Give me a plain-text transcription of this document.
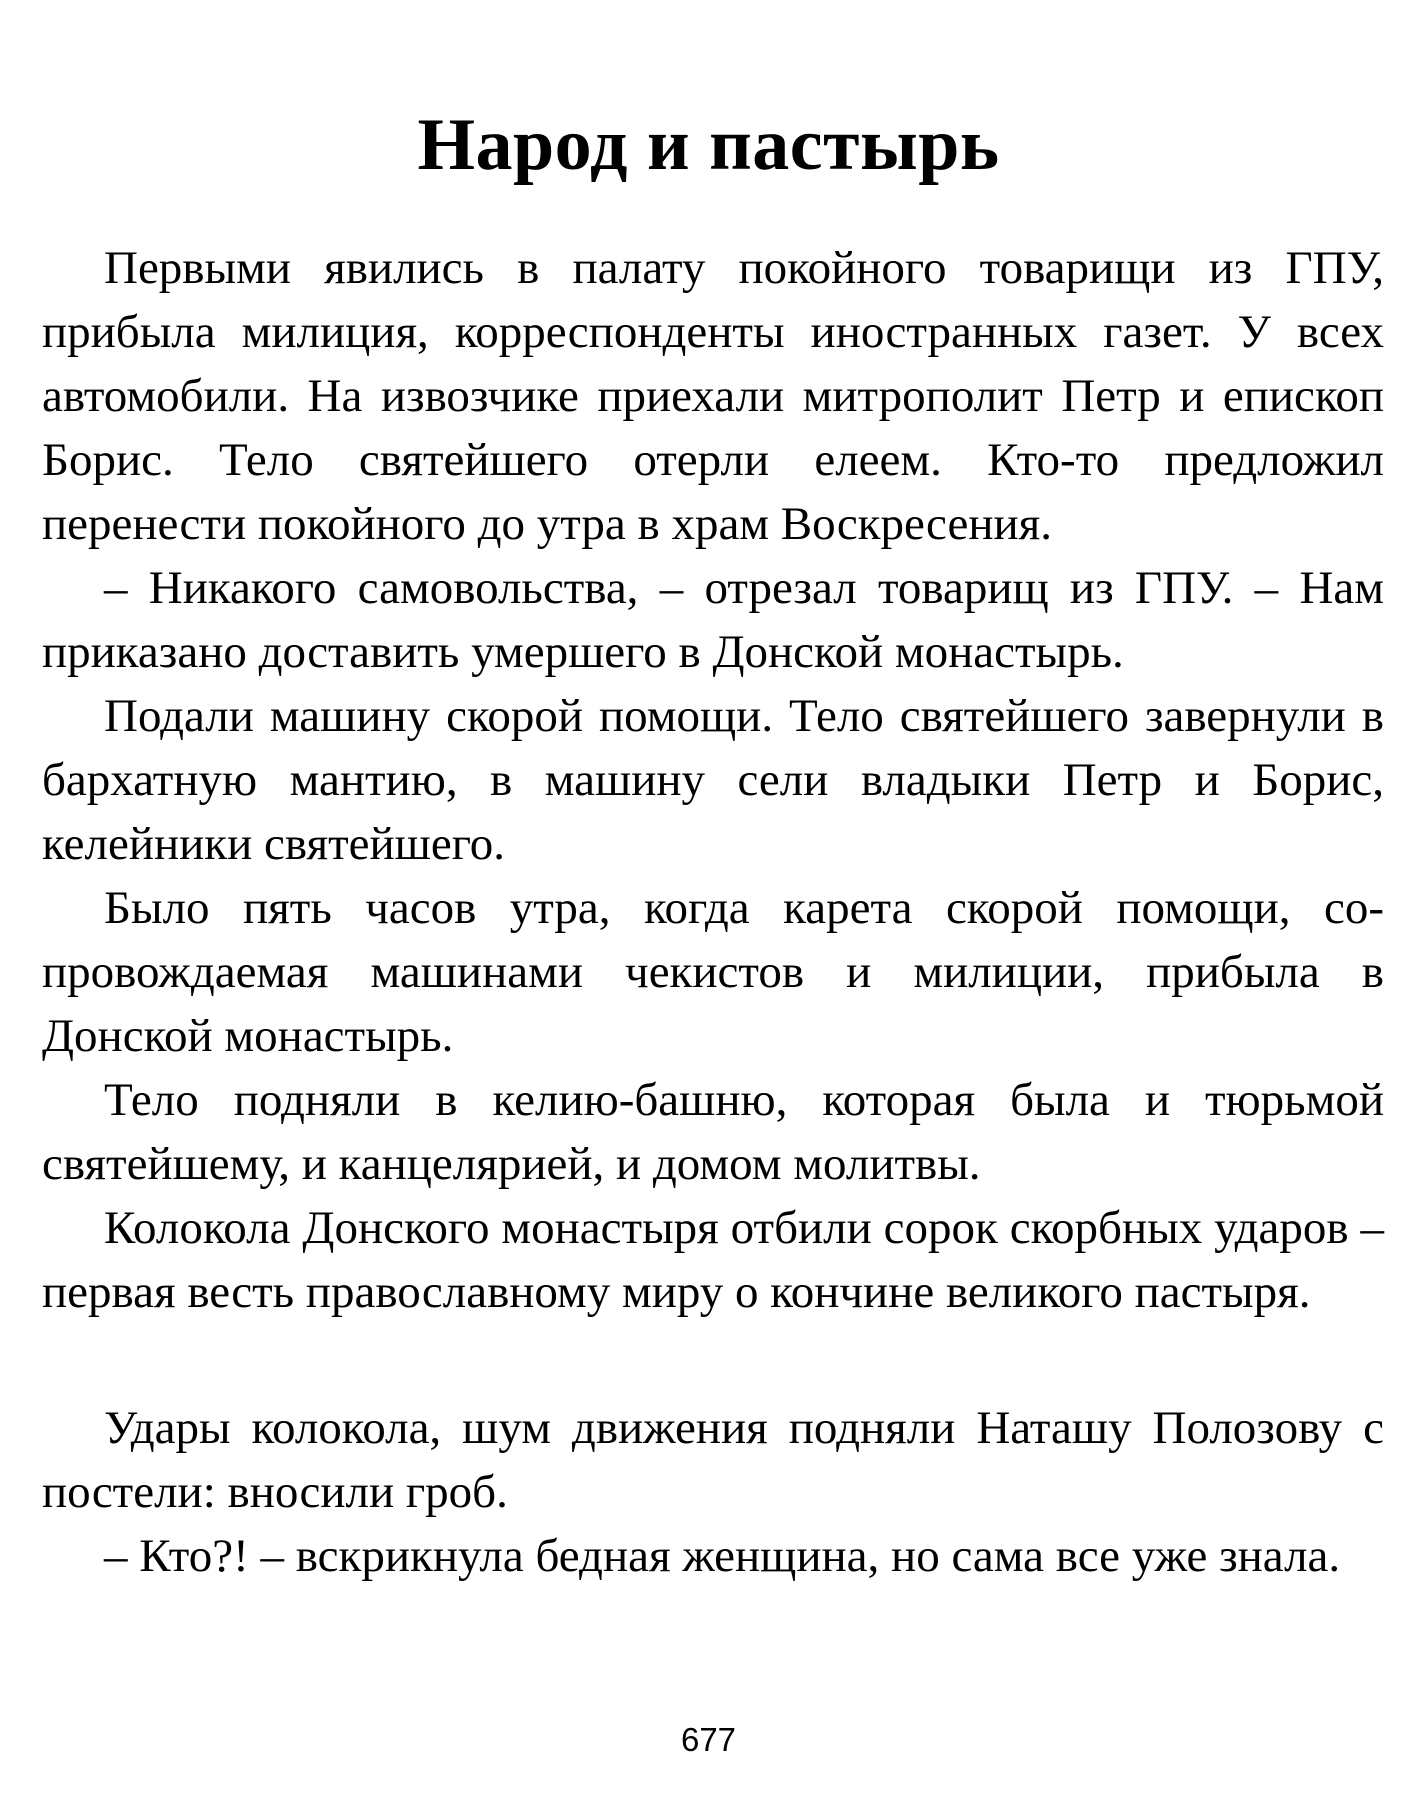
Народ и пастырь

Первыми явились в палату покойного товарищи из ГПУ, прибыла милиция, корреспонденты иностранных газет. У всех автомобили. На извозчике приехали митрополит Петр и епископ Борис. Тело святейшего отерли елеем. Кто-то предложил перенести покойного до утра в храм Воскресения.

– Никакого самовольства, – отрезал товарищ из ГПУ. – Нам приказано доставить умершего в Донской монастырь.

Подали машину скорой помощи. Тело святейшего завернули в бархатную мантию, в машину сели владыки Петр и Борис, келейники святейшего.

Было пять часов утра, когда карета скорой помощи, сопровождаемая машинами чекистов и милиции, прибыла в Донской монастырь.

Тело подняли в келию-башню, которая была и тюрьмой святейшему, и канцелярией, и домом молитвы.

Колокола Донского монастыря отбили сорок скорбных ударов – первая весть православному миру о кончине великого пастыря.

Удары колокола, шум движения подняли Наташу Полозову с постели: вносили гроб.

– Кто?! – вскрикнула бедная женщина, но сама все уже знала.

677
